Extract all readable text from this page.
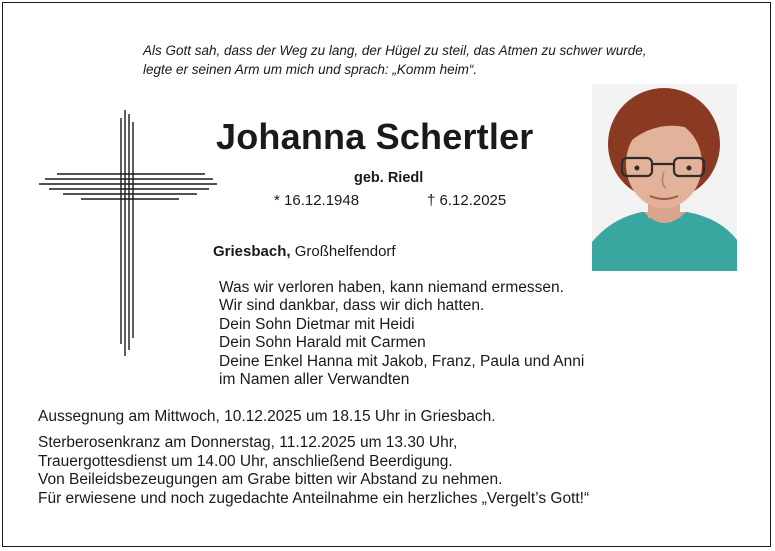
Als Gott sah, dass der Weg zu lang, der Hügel zu steil, das Atmen zu schwer wurde,
legte er seinen Arm um mich und sprach: „Komm heim“.
Johanna Schertler
geb. Riedl
* 16.12.1948	† 6.12.2025
Griesbach, Großhelfendorf
Was wir verloren haben, kann niemand ermessen.
Wir sind dankbar, dass wir dich hatten.
Dein Sohn Dietmar mit Heidi
Dein Sohn Harald mit Carmen
Deine Enkel Hanna mit Jakob, Franz, Paula und Anni
im Namen aller Verwandten
Aussegnung am Mittwoch, 10.12.2025 um 18.15 Uhr in Griesbach.
Sterberosenkranz am Donnerstag, 11.12.2025 um 13.30 Uhr,
Trauergottesdienst um 14.00 Uhr, anschließend Beerdigung.
Von Beileidsbezeugungen am Grabe bitten wir Abstand zu nehmen.
Für erwiesene und noch zugedachte Anteilnahme ein herzliches „Vergelt’s Gott!“
